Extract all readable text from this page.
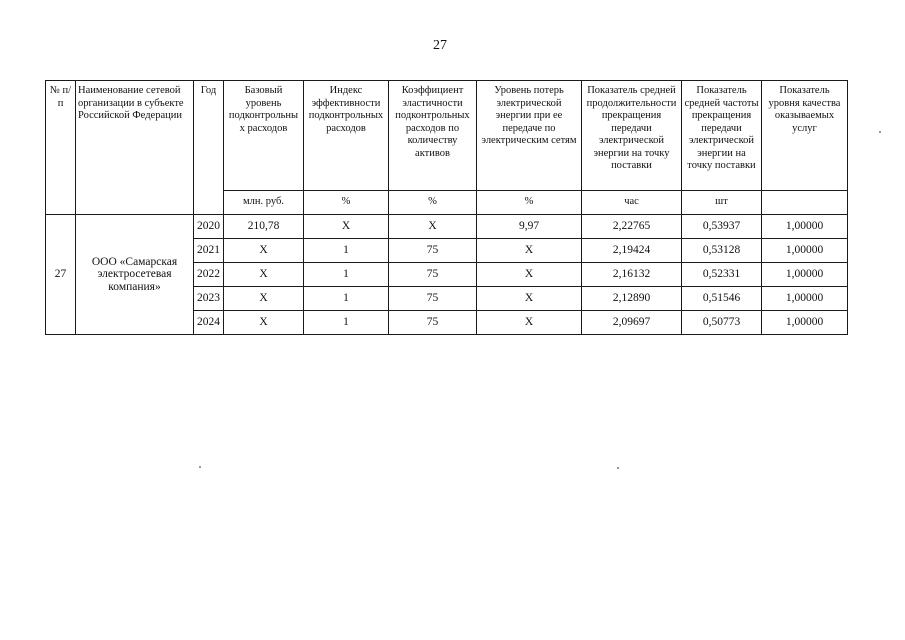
27
№ п/п	Наименование сетевой организации в субъекте Российской Федерации	Год	Базовый уровень подконтрольны х расходов	Индекс эффективности подконтрольных расходов	Коэффициент эластичности подконтрольных расходов по количеству активов	Уровень потерь электрической энергии при ее передаче по электрическим сетям	Показатель средней продолжительности прекращения передачи электрической энергии на точку поставки	Показатель средней частоты прекращения передачи электрической энергии на точку поставки	Показатель уровня качества оказываемых услуг
			млн. руб.	%	%	%	час	шт	
27	ООО «Самарская электросетевая компания»	2020	210,78	X	X	9,97	2,22765	0,53937	1,00000
		2021	X	1	75	X	2,19424	0,53128	1,00000
		2022	X	1	75	X	2,16132	0,52331	1,00000
		2023	X	1	75	X	2,12890	0,51546	1,00000
		2024	X	1	75	X	2,09697	0,50773	1,00000
